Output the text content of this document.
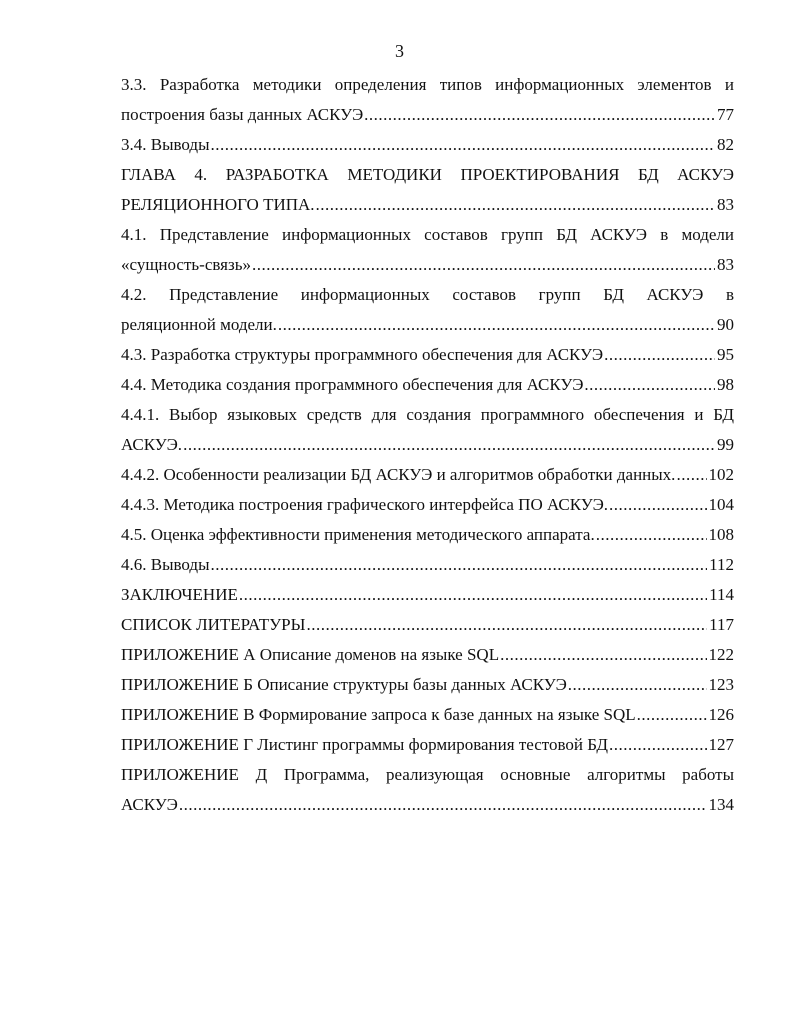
3
3.3. Разработка методики определения типов информационных элементов и
построения базы данных АСКУЭ .....	77
3.4. Выводы .....	82
ГЛАВА 4. РАЗРАБОТКА МЕТОДИКИ ПРОЕКТИРОВАНИЯ БД АСКУЭ
РЕЛЯЦИОННОГО ТИПА. .....	83
4.1. Представление информационных составов групп БД АСКУЭ в модели
«сущность-связь» .....	83
4.2. Представление информационных составов групп БД АСКУЭ в
реляционной модели. .....	90
4.3. Разработка структуры программного обеспечения для АСКУЭ .....	95
4.4. Методика создания программного обеспечения для АСКУЭ .....	98
4.4.1. Выбор языковых средств для создания программного обеспечения и БД
АСКУЭ. .....	99
4.4.2. Особенности реализации БД АСКУЭ и алгоритмов обработки данных. ..... 102
4.4.3. Методика построения графического интерфейса ПО АСКУЭ. .....	104
4.5. Оценка эффективности применения методического аппарата. .....	108
4.6. Выводы .....	112
ЗАКЛЮЧЕНИЕ .....	114
СПИСОК ЛИТЕРАТУРЫ .....	117
ПРИЛОЖЕНИЕ А Описание доменов на языке SQL .....	122
ПРИЛОЖЕНИЕ Б Описание структуры базы данных АСКУЭ .....	123
ПРИЛОЖЕНИЕ В Формирование запроса к базе данных на языке SQL .....	126
ПРИЛОЖЕНИЕ Г Листинг программы формирования тестовой БД .....	127
ПРИЛОЖЕНИЕ Д Программа, реализующая основные алгоритмы работы
АСКУЭ .....	134
